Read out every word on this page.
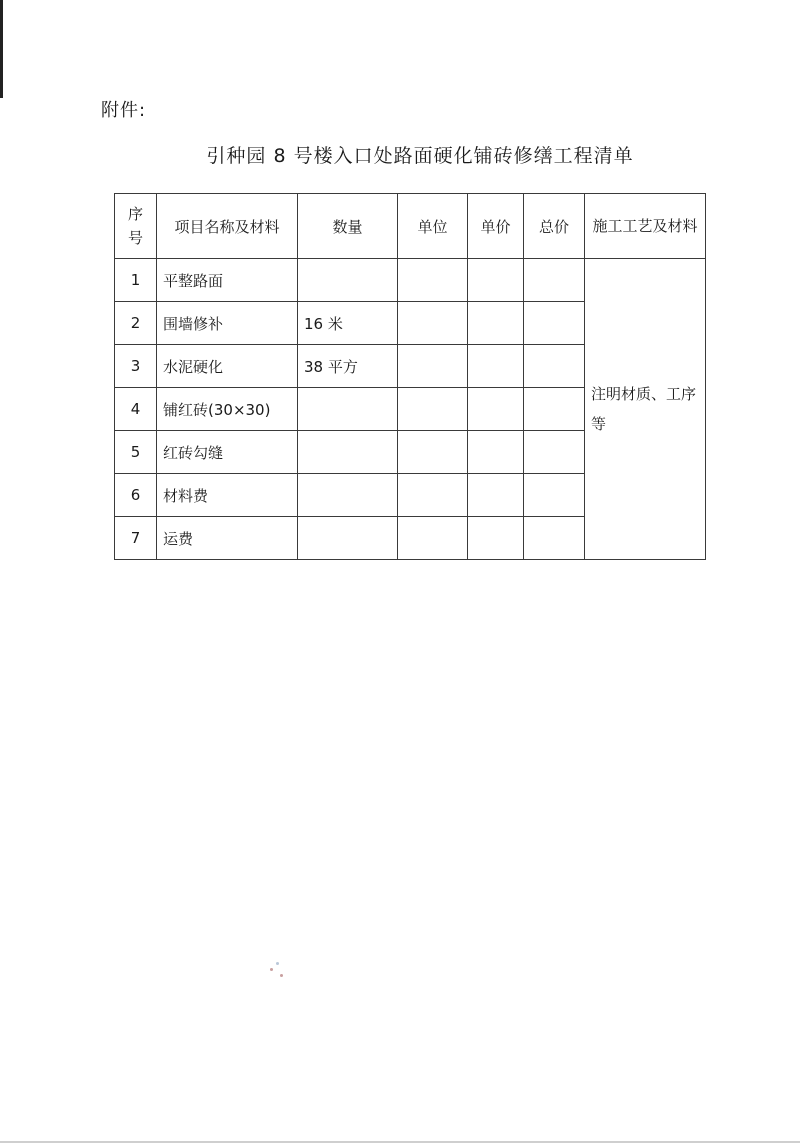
附件:
引种园 8 号楼入口处路面硬化铺砖修缮工程清单
序号	项目名称及材料	数量	单位	单价	总价	施工工艺及材料
1	平整路面					注明材质、工序等
2	围墙修补	16 米				
3	水泥硬化	38 平方				
4	铺红砖(30×30)					
5	红砖勾缝					
6	材料费					
7	运费					
